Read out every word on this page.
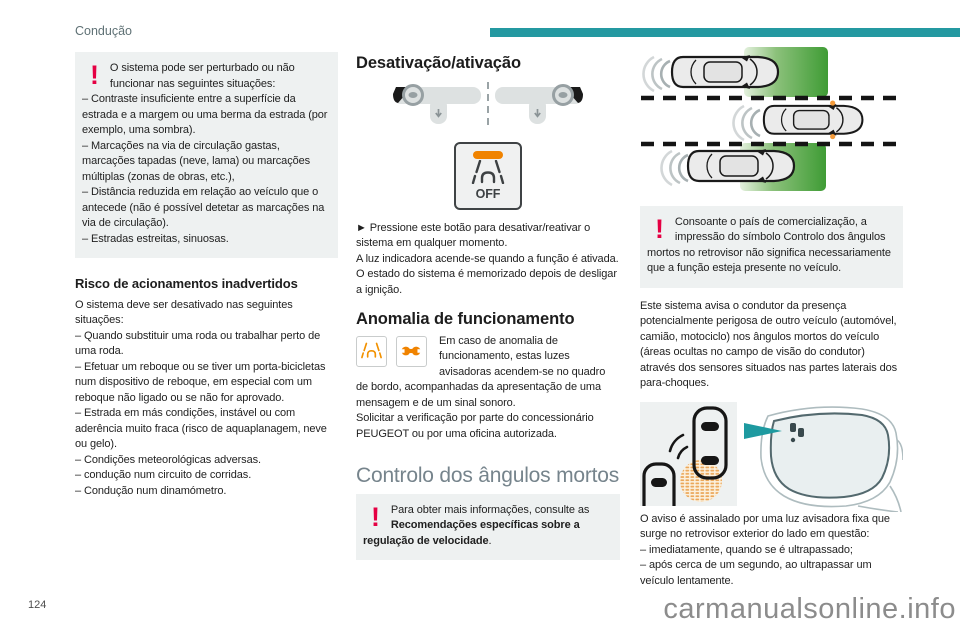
Condução
!	O sistema pode ser perturbado ou não funcionar nas seguintes situações:
– Contraste insuficiente entre a superfície da estrada e a margem ou uma berma da estrada (por exemplo, uma sombra).
– Marcações na via de circulação gastas, marcações tapadas (neve, lama) ou marcações múltiplas (zonas de obras, etc.),
– Distância reduzida em relação ao veículo que o antecede (não é possível detetar as marcações na via de circulação).
– Estradas estreitas, sinuosas.
Risco de acionamentos inadvertidos
O sistema deve ser desativado nas seguintes situações:
– Quando substituir uma roda ou trabalhar perto de uma roda.
– Efetuar um reboque ou se tiver um porta-bicicletas num dispositivo de reboque, em especial com um reboque não ligado ou se não for aprovado.
– Estrada em más condições, instável ou com aderência muito fraca (risco de aquaplanagem, neve ou gelo).
– Condições meteorológicas adversas.
– condução num circuito de corridas.
– Condução num dinamómetro.
Desativação/ativação
OFF
► Pressione este botão para desativar/reativar o sistema em qualquer momento.
A luz indicadora acende-se quando a função é ativada.
O estado do sistema é memorizado depois de desligar a ignição.
Anomalia de funcionamento

Em caso de anomalia de funcionamento, estas luzes avisadoras acendem-se no quadro de bordo, acompanhadas da apresentação de uma mensagem e de um sinal sonoro.
Solicitar a verificação por parte do concessionário PEUGEOT ou por uma oficina autorizada.
Controlo dos ângulos mortos
! Para obter mais informações, consulte as Recomendações específicas sobre a regulação de velocidade.
! Consoante o país de comercialização, a impressão do símbolo Controlo dos ângulos mortos no retrovisor não significa necessariamente que a função esteja presente no veículo.
Este sistema avisa o condutor da presença potencialmente perigosa de outro veículo (automóvel, camião, motociclo) nos ângulos mortos do veículo (áreas ocultas no campo de visão do condutor) através dos sensores situados nas partes laterais dos para-choques.
O aviso é assinalado por uma luz avisadora fixa que surge no retrovisor exterior do lado em questão:
– imediatamente, quando se é ultrapassado;
– após cerca de um segundo, ao ultrapassar um veículo lentamente.
124	carmanualsonline.info
